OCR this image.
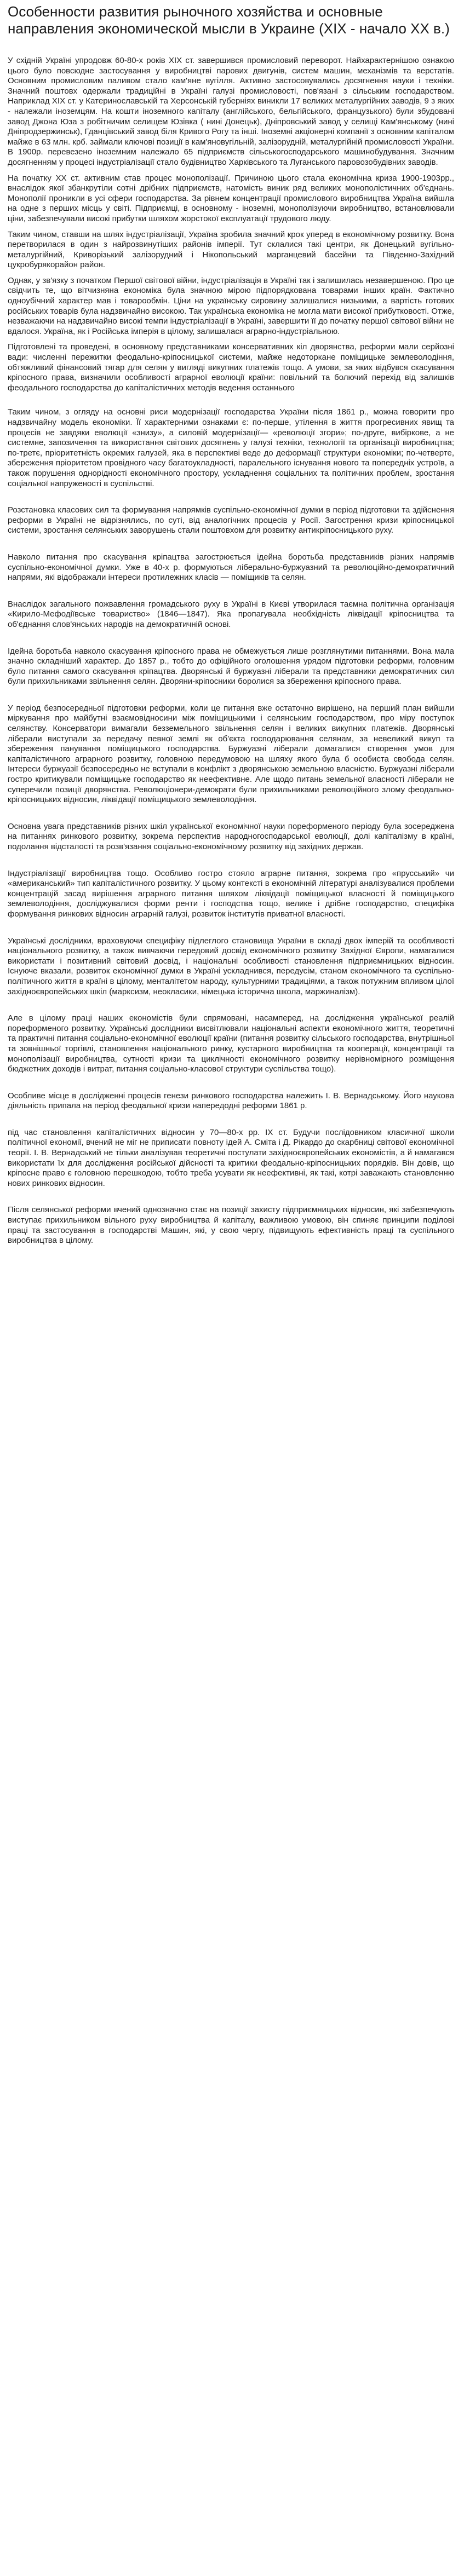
Особенности развития рыночного хозяйства и основные направления экономической мысли в Украине (XIX - начало XX в.)

У східній Україні упродовж 60-80-х років XIX ст. завершився промисловий переворот. Найхарактернішою ознакою цього було повсюдне застосування у виробництві парових двигунів, систем машин, механізмів та верстатів. Основним промисловим паливом стало кам'яне вугілля. Активно застосовувались досягнення науки і техніки. Значний поштовх одержали традиційні в Україні галузі промисловості, пов'язані з сільським господарством. Наприклад XIX ст. у Катеринославській та Херсонській губерніях виникли 17 великих металургійних заводів, 9 з яких - належали іноземцям. На кошти іноземного капіталу (англійського, бельгійського, французького) були збудовані завод Джона Юза з робітничим селищем Юзівка ( нині Донецьк), Дніпровський завод у селищі Кам'янському (нині Дніпродзержинськ), Гданцівський завод біля Кривого Рогу та інші. Іноземні акціонерні компанії з основним капіталом майже в 63 млн. крб. займали ключові позиції в кам'яновугільній, залізорудній, металургійній промисловості України. В 1900р. перевезено іноземним належало 65 підприємств сільськогосподарського машинобудування. Значним досягненням у процесі індустріалізації стало будівництво Харківського та Луганського паровозобудівних заводів.

На початку XX ст. активним став процес монополізації. Причиною цього стала економічна криза 1900-1903рр., внаслідок якої збанкрутіли сотні дрібних підприємств, натомість виник ряд великих монополістичних об'єднань. Монополії проникли в усі сфери господарства. За рівнем концентрації промислового виробництва Україна вийшла на одне з перших місць у світі. Підприємці, в основному - іноземні, монополізуючи виробництво, встановлювали ціни, забезпечували високі прибутки шляхом жорстокої експлуатації трудового люду.

Таким чином, ставши на шлях індустріалізації, Україна зробила значний крок уперед в економічному розвитку. Вона перетворилася в один з найрозвинутіших районів імперії. Тут склалися такі центри, як Донецький вугільно- металургійний, Криворізький залізорудний і Нікопольський марганцевий басейни та Південно-Західний цукробурякорайон район.

Однак, у зв'язку з початком Першої світової війни, індустріалізація в Україні так і залишилась незавершеною. Про це свідчить те, що вітчизняна економіка була значною мірою підпорядкована товарами інших країн. Фактично одноубічний характер мав і товарообмін. Ціни на українську сировину залишалися низькими, а вартість готових російських товарів була надзвичайно високою. Так українська економіка не могла мати високої прибутковості. Отже, незважаючи на надзвичайно високі темпи індустріалізації в Україні, завершити її до початку першої світової війни не вдалося. Україна, як і Російська імперія в цілому, залишалася аграрно-індустріальною.

Підготовлені та проведені, в основному представниками консервативних кіл дворянства, реформи мали серйозні вади: численні пережитки феодально-кріпосницької системи, майже недоторкане поміщицьке землеволодіння, обтяжливий фінансовий тягар для селян у вигляді викупних платежів тощо. А умови, за яких відбувся скасування кріпосного права, визначили особливості аграрної еволюції країни: повільний та болючий перехід від залишків феодального господарства до капіталістичних методів ведення останнього

Таким чином, з огляду на основні риси модернізації господарства України після 1861 р., можна говорити про надзвичайну модель економіки. Її характерними ознаками є: по-перше, утілення в життя прогресивних явищ та процесів не завдяки еволюції «знизу», а силовій модернізації— «революції згори»; по-друге, вибіркове, а не системне, запозичення та використання світових досягнень у галузі техніки, технології та організації виробництва; по-третє, пріоритетність окремих галузей, яка в перспективі веде до деформації структури економіки; по-четверте, збереження пріоритетом провідного часу багатоукладності, паралельного існування нового та попередніх устроїв, а також порушення однорідності економічного простору, ускладнення соціальних та політичних проблем, зростання соціальної напруженості в суспільстві.

Розстановка класових сил та формування напрямків суспільно-економічної думки в період підготовки та здійснення реформи в Україні не відрізнялись, по суті, від аналогічних процесів у Росії. Загострення кризи кріпосницької системи, зростання селянських заворушень стали поштовхом для розвитку антикріпосницького руху.

Навколо питання про скасування кріпацтва загострюється ідейна боротьба представників різних напрямів суспільно-економічної думки. Уже в 40-х р. формуються ліберально-буржуазний та революційно-демократичний напрями, які відображали інтереси протилежних класів — поміщиків та селян.

Внаслідок загального пожвавлення громадського руху в Україні в Києві утворилася таємна політична організація «Кирило-Мефодіївське товариство» (1846—1847). Яка пропагувала необхідність ліквідації кріпосництва та об'єднання слов'янських народів на демократичній основі.

Ідейна боротьба навколо скасування кріпосного права не обмежується лише розглянутими питаннями. Вона мала значно складніший характер. До 1857 р., тобто до офіційного оголошення урядом підготовки реформи, головним було питання самого скасування кріпацтва. Дворянські й буржуазні ліберали та представники демократичних сил були прихильниками звільнення селян. Дворяни-кріпосники боролися за збереження кріпосного права.

У період безпосередньої підготовки реформи, коли це питання вже остаточно вирішено, на перший план вийшли міркування про майбутні взаємовідносини між поміщицькими і селянським господарством, про міру поступок селянству. Консерватори вимагали безземельного звільнення селян і великих викупних платежів. Дворянські ліберали виступали за передачу певної землі як об'єкта господарювання селянам, за невеликий викуп та збереження панування поміщицького господарства. Буржуазні ліберали домагалися створення умов для капіталістичного аграрного розвитку, головною передумовою на шляху якого була б особиста свобода селян. Інтереси буржуазії безпосередньо не вступали в конфлікт з дворянською земельною власністю. Буржуазні ліберали гостро критикували поміщицьке господарство як неефективне. Але щодо питань земельної власності ліберали не суперечили позиції дворянства. Революціонери-демократи були прихильниками революційного злому феодально-кріпосницьких відносин, ліквідації поміщицького землеволодіння.

Основна увага представників різних шкіл української економічної науки пореформеного періоду була зосереджена на питаннях ринкового розвитку, зокрема перспектив народногосподарської еволюції, долі капіталізму в країні, подолання відсталості та розв'язання соціально-економічному розвитку від західних держав.

Індустріалізації виробництва тощо. Особливо гостро стояло аграрне питання, зокрема про «прусський» чи «американський» тип капіталістичного розвитку. У цьому контексті в економічній літературі аналізувалися проблеми концентрацій засад вирішення аграрного питання шляхом ліквідації поміщицької власності й поміщицького землеволодіння, досліджувалися форми ренти і господства тощо, велике і дрібне господарство, специфіка формування ринкових відносин аграрній галузі, розвиток інститутів приватної власності.

Українські дослідники, враховуючи специфіку підлеглого становища України в складі двох імперій та особливості національного розвитку, а також вивчаючи передовий досвід економічного розвитку Західної Європи, намагалися використати і позитивний світовий досвід, і національні особливості становлення підприємницьких відносин. Існуюче вказали, розвиток економічної думки в Україні ускладнився, передусім, станом економічного та суспільно-політичного життя в країні в цілому, менталітетом народу, культурними традиціями, а також потужним впливом цілої західноєвропейських шкіл (марксизм, неокласики, німецька історична школа, маржиналізм).

Але в цілому праці наших економістів були спрямовані, насамперед, на дослідження української реалій пореформеного розвитку. Українські дослідники висвітлювали національні аспекти економічного життя, теоретичні та практичні питання соціально-економічної еволюції країни (питання розвитку сільського господарства, внутрішньої та зовнішньої торгівлі, становлення національного ринку, кустарного виробництва та кооперації, концентрації та монополізації виробництва, сутності кризи та циклічності економічного розвитку нерівномірного розміщення бюджетних доходів і витрат, питання соціально-класової структури суспільства тощо).

Особливе місце в дослідженні процесів генези ринкового господарства належить І. В. Вернадському. Його наукова діяльність припала на період феодальної кризи напередодні реформи 1861 р.

під час становлення капіталістичних відносин у 70—80-х рр. ІХ ст. Будучи послідовником класичної школи політичної економії, вчений не міг не приписати повноту ідей А. Сміта і Д. Рікардо до скарбниці світової економічної теорії. І. В. Вернадський не тільки аналізував теоретичні постулати західноєвропейських економістів, а й намагався використати їх для дослідження російської дійсності та критики феодально-кріпосницьких порядків. Він довів, що кріпосне право є головною перешкодою, тобто треба усувати як неефективні, як такі, котрі заважають становленню нових ринкових відносин.

Після селянської реформи вчений однозначно стає на позиції захисту підприємницьких відносин, які забезпечують виступає прихильником вільного руху виробництва й капіталу, важливою умовою, він спиняє принципи поділові праці та застосування в господарстві Машин, які, у свою чергу, підвищують ефективність праці та суспільного виробництва в цілому.
